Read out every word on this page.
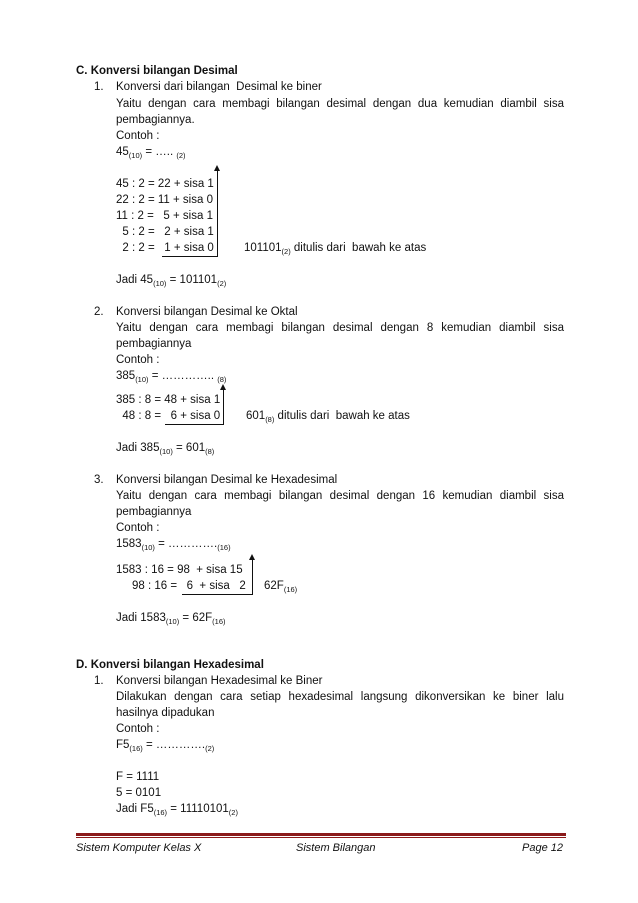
C. Konversi bilangan Desimal
1. Konversi dari bilangan  Desimal ke biner
Yaitu dengan cara membagi bilangan desimal dengan dua kemudian diambil sisa
pembagiannya.
Contoh :
$45_{(10)}$ = ….. $_{(2)}$
45 : 2 = 22 + sisa 1
22 : 2 = 11 + sisa 0
11 : 2 =   5 + sisa 1
5 : 2 =   2 + sisa 1
2 : 2 =   1 + sisa 0	$101101_{(2)}$ ditulis dari  bawah ke atas
Jadi $45_{(10)} = 101101_{(2)}$
2. Konversi bilangan Desimal ke Oktal
Yaitu dengan cara membagi bilangan desimal dengan 8 kemudian diambil sisa
pembagiannya
Contoh :
$385_{(10)}$ = ………….. $_{(8)}$
385 : 8 = 48 + sisa 1
48 : 8 =   6 + sisa 0 $601_{(8)}$ ditulis dari  bawah ke atas
Jadi $385_{(10)} = 601_{(8)}$
3. Konversi bilangan Desimal ke Hexadesimal
Yaitu dengan cara membagi bilangan desimal dengan 16 kemudian diambil sisa
pembagiannya
Contoh :
$1583_{(10)}$ = $\dots\dots\dots\dots._{(16)}$
1583 : 16 = 98  + sisa 15
98 : 16 =   6  + sisa   2 $62F_{(16)}$
Jadi $1583_{(10)} = 62F_{(16)}$
D. Konversi bilangan Hexadesimal
1. Konversi bilangan Hexadesimal ke Biner
Dilakukan dengan cara setiap hexadesimal langsung dikonversikan ke biner lalu
hasilnya dipadukan
Contoh :
$F5_{(16)}$ = $\dots\dots\dots\dots._{(2)}$
F = 1111
5 = 0101
Jadi $F5_{(16)} = 11110101_{(2)}$
Sistem Komputer Kelas X	Sistem Bilangan	Page 12
